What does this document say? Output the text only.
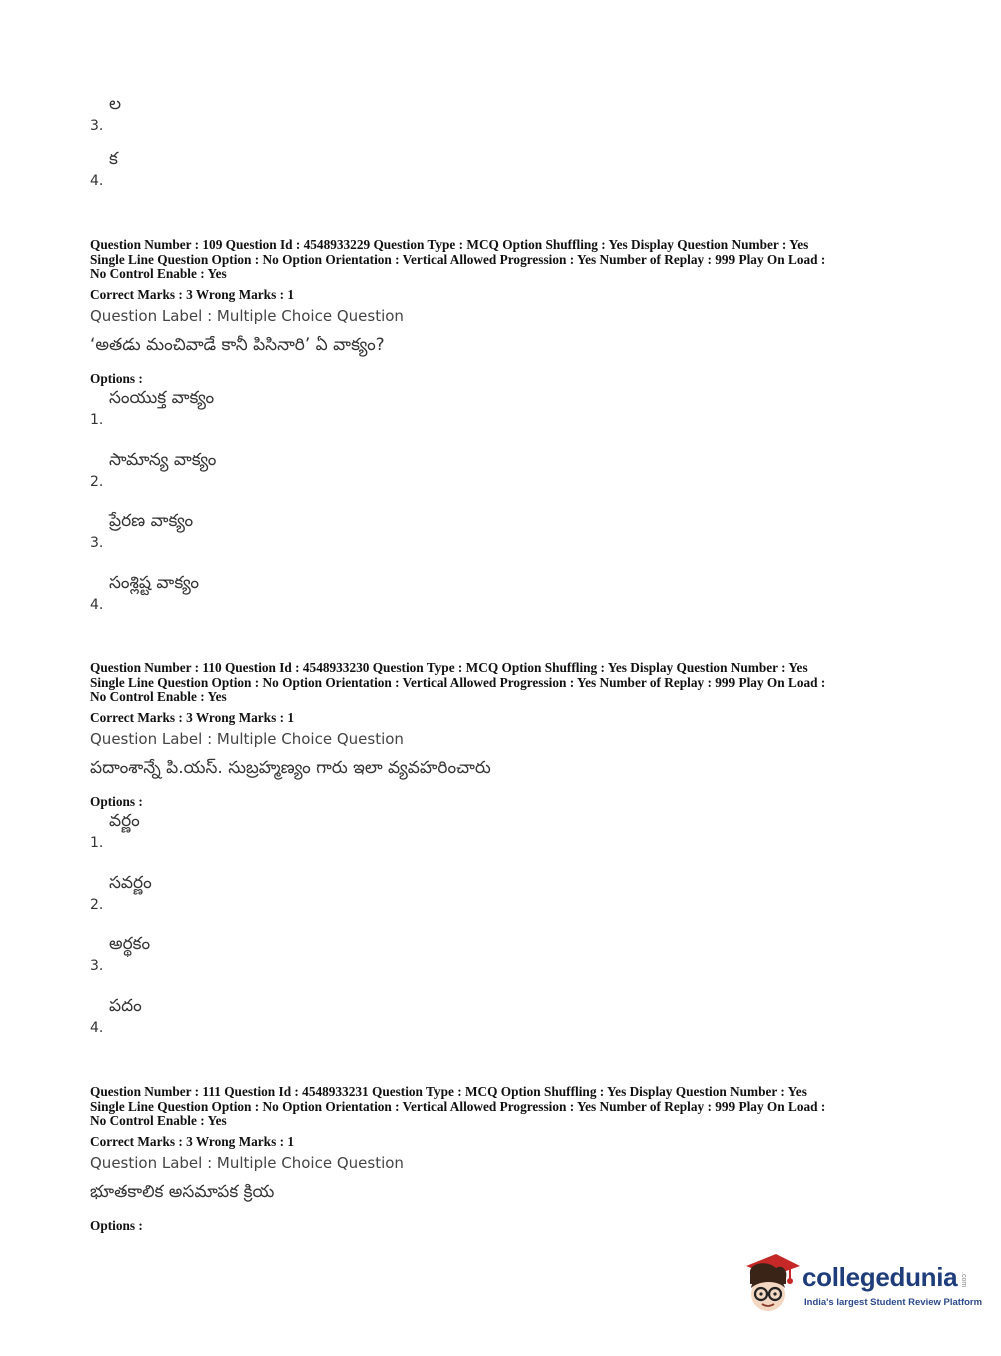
3.
ల
4.
క

Question Number : 109 Question Id : 4548933229 Question Type : MCQ Option Shuffling : Yes Display Question Number : Yes

Single Line Question Option : No Option Orientation : Vertical Allowed Progression : Yes Number of Replay : 999 Play On Load :

No Control Enable : Yes

Correct Marks : 3 Wrong Marks : 1

Question Label : Multiple Choice Question

‘అతడు మంచివాడే కానీ పిసినారి’ ఏ వాక్యం?

Options :
1.
సంయుక్త వాక్యం
2.
సామాన్య వాక్యం
3.
ప్రేరణ వాక్యం
4.
సంశ్లిష్ట వాక్యం

Question Number : 110 Question Id : 4548933230 Question Type : MCQ Option Shuffling : Yes Display Question Number : Yes

Single Line Question Option : No Option Orientation : Vertical Allowed Progression : Yes Number of Replay : 999 Play On Load :

No Control Enable : Yes

Correct Marks : 3 Wrong Marks : 1

Question Label : Multiple Choice Question

పదాంశాన్నే పి.యస్. సుబ్రహ్మణ్యం గారు ఇలా వ్యవహరించారు

Options :
1.
వర్ణం
2.
సవర్ణం
3.
అర్థకం
4.
పదం

Question Number : 111 Question Id : 4548933231 Question Type : MCQ Option Shuffling : Yes Display Question Number : Yes

Single Line Question Option : No Option Orientation : Vertical Allowed Progression : Yes Number of Replay : 999 Play On Load :

No Control Enable : Yes

Correct Marks : 3 Wrong Marks : 1

Question Label : Multiple Choice Question

భూతకాలిక అసమాపక క్రియ

Options :
collegedunia .com
India's largest Student Review Platform
